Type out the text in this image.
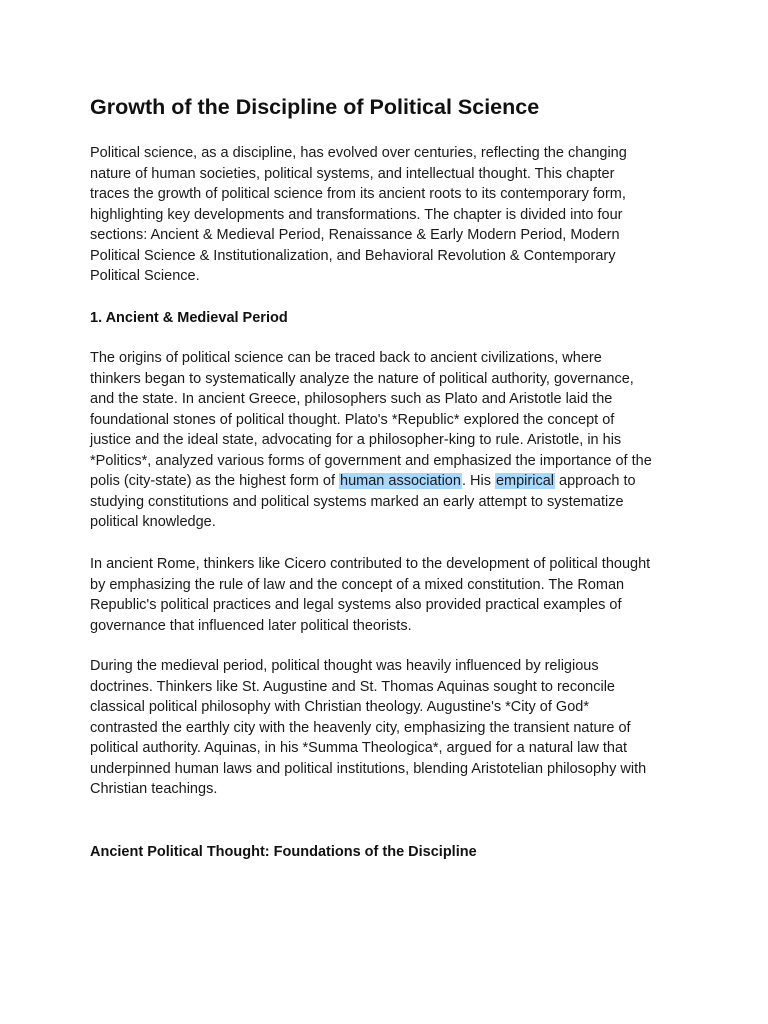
Growth of the Discipline of Political Science
Political science, as a discipline, has evolved over centuries, reflecting the changing
nature of human societies, political systems, and intellectual thought. This chapter
traces the growth of political science from its ancient roots to its contemporary form,
highlighting key developments and transformations. The chapter is divided into four
sections: Ancient & Medieval Period, Renaissance & Early Modern Period, Modern
Political Science & Institutionalization, and Behavioral Revolution & Contemporary
Political Science.
1. Ancient & Medieval Period
The origins of political science can be traced back to ancient civilizations, where
thinkers began to systematically analyze the nature of political authority, governance,
and the state. In ancient Greece, philosophers such as Plato and Aristotle laid the
foundational stones of political thought. Plato's *Republic* explored the concept of
justice and the ideal state, advocating for a philosopher-king to rule. Aristotle, in his
*Politics*, analyzed various forms of government and emphasized the importance of the
polis (city-state) as the highest form of human association. His empirical approach to
studying constitutions and political systems marked an early attempt to systematize
political knowledge.
In ancient Rome, thinkers like Cicero contributed to the development of political thought
by emphasizing the rule of law and the concept of a mixed constitution. The Roman
Republic's political practices and legal systems also provided practical examples of
governance that influenced later political theorists.
During the medieval period, political thought was heavily influenced by religious
doctrines. Thinkers like St. Augustine and St. Thomas Aquinas sought to reconcile
classical political philosophy with Christian theology. Augustine's *City of God*
contrasted the earthly city with the heavenly city, emphasizing the transient nature of
political authority. Aquinas, in his *Summa Theologica*, argued for a natural law that
underpinned human laws and political institutions, blending Aristotelian philosophy with
Christian teachings.
Ancient Political Thought: Foundations of the Discipline
